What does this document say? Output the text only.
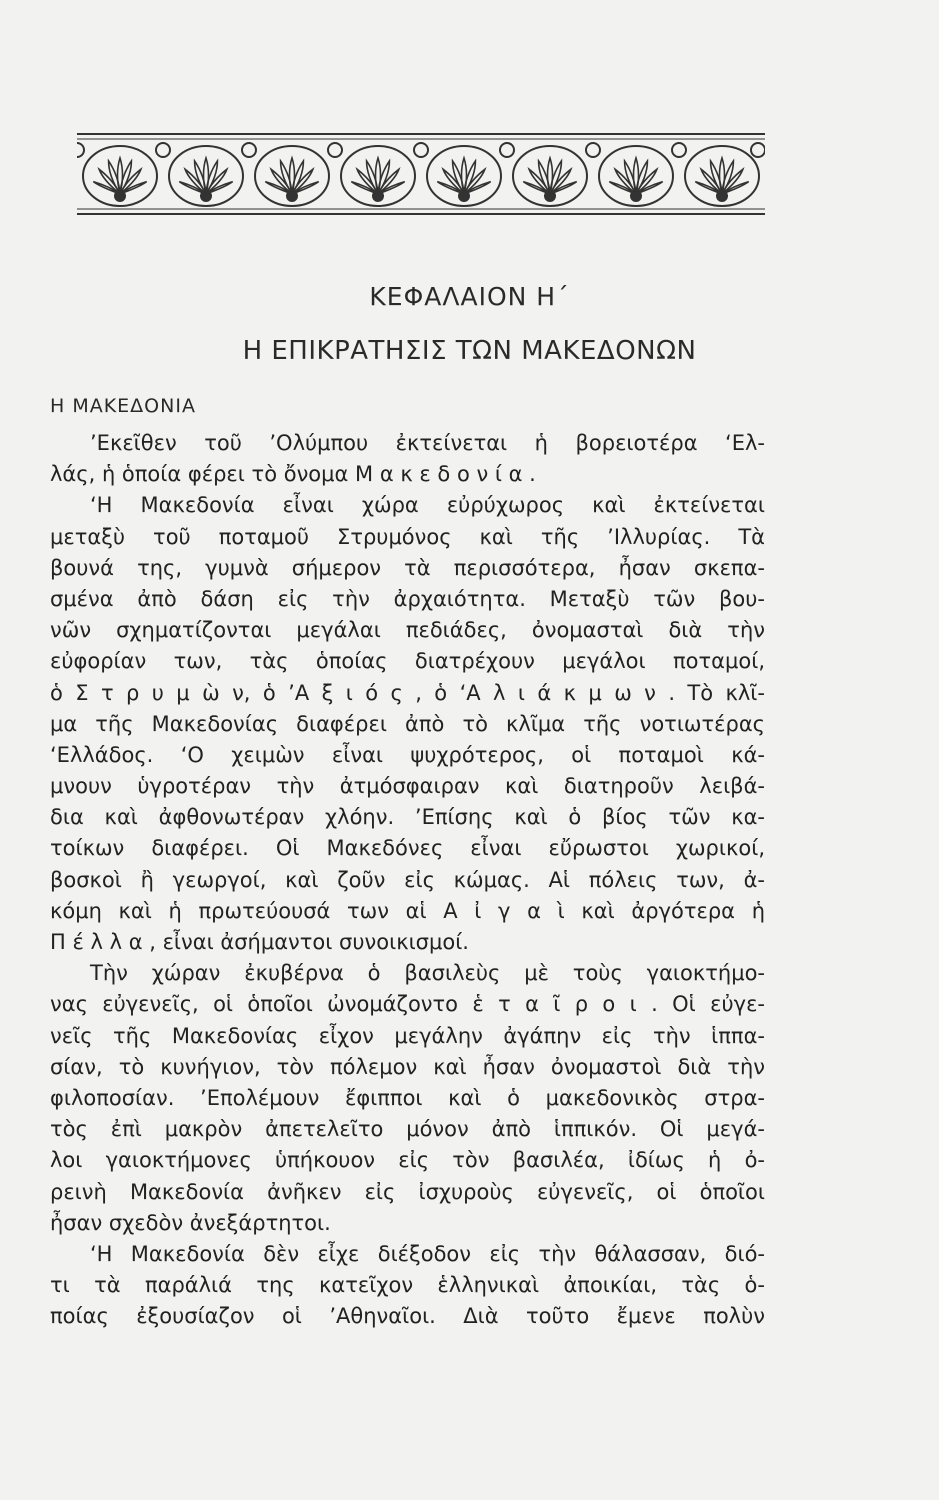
ΚΕΦΑΛΑΙΟΝ Η΄
Η ΕΠΙΚΡΑΤΗΣΙΣ ΤΩΝ ΜΑΚΕΔΟΝΩΝ
Η ΜΑΚΕΔΟΝΙΑ
’Εκεῖθεν τοῦ ’Ολύμπου ἐκτείνεται ἡ βορειοτέρα ‘Ελ-
λάς, ἡ ὁποία φέρει τὸ ὄνομα Μ α κ ε δ ο ν ί α .
‘Η Μακεδονία εἶναι χώρα εὐρύχωρος καὶ ἐκτείνεται
μεταξὺ τοῦ ποταμοῦ Στρυμόνος καὶ τῆς ’Ιλλυρίας. Τὰ
βουνά της, γυμνὰ σήμερον τὰ περισσότερα, ἦσαν σκεπα-
σμένα ἀπὸ δάση εἰς τὴν ἀρχαιότητα. Μεταξὺ τῶν βου-
νῶν σχηματίζονται μεγάλαι πεδιάδες, ὀνομασταὶ διὰ τὴν
εὐφορίαν των, τὰς ὁποίας διατρέχουν μεγάλοι ποταμοί,
ὁ Σ τ ρ υ μ ὼ ν, ὁ ’Α ξ ι ό ς , ὁ ‘Α λ ι ά κ μ ω ν . Τὸ κλῖ-
μα τῆς Μακεδονίας διαφέρει ἀπὸ τὸ κλῖμα τῆς νοτιωτέρας
‘Ελλάδος. ‘Ο χειμὼν εἶναι ψυχρότερος, οἱ ποταμοὶ κά-
μνουν ὑγροτέραν τὴν ἀτμόσφαιραν καὶ διατηροῦν λειβά-
δια καὶ ἀφθονωτέραν χλόην. ’Επίσης καὶ ὁ βίος τῶν κα-
τοίκων διαφέρει. Οἱ Μακεδόνες εἶναι εὔρωστοι χωρικοί,
βοσκοὶ ἢ γεωργοί, καὶ ζοῦν εἰς κώμας. Αἱ πόλεις των, ἀ-
κόμη καὶ ἡ πρωτεύουσά των αἱ Α ἰ γ α ὶ καὶ ἀργότερα ἡ
Π έ λ λ α , εἶναι ἀσήμαντοι συνοικισμοί.
Τὴν χώραν ἐκυβέρνα ὁ βασιλεὺς μὲ τοὺς γαιοκτήμο-
νας εὐγενεῖς, οἱ ὁποῖοι ὠνομάζοντο ἑ τ α ῖ ρ ο ι . Οἱ εὐγε-
νεῖς τῆς Μακεδονίας εἶχον μεγάλην ἀγάπην εἰς τὴν ἱππα-
σίαν, τὸ κυνήγιον, τὸν πόλεμον καὶ ἦσαν ὀνομαστοὶ διὰ τὴν
φιλοποσίαν. ’Επολέμουν ἔφιπποι καὶ ὁ μακεδονικὸς στρα-
τὸς ἐπὶ μακρὸν ἀπετελεῖτο μόνον ἀπὸ ἱππικόν. Οἱ μεγά-
λοι γαιοκτήμονες ὑπήκουον εἰς τὸν βασιλέα, ἰδίως ἡ ὀ-
ρεινὴ Μακεδονία ἀνῆκεν εἰς ἰσχυροὺς εὐγενεῖς, οἱ ὁποῖοι
ἦσαν σχεδὸν ἀνεξάρτητοι.
‘Η Μακεδονία δὲν εἶχε διέξοδον εἰς τὴν θάλασσαν, διό-
τι τὰ παράλιά της κατεῖχον ἑλληνικαὶ ἀποικίαι, τὰς ὁ-
ποίας ἐξουσίαζον οἱ ’Αθηναῖοι. Διὰ τοῦτο ἔμενε πολὺν
